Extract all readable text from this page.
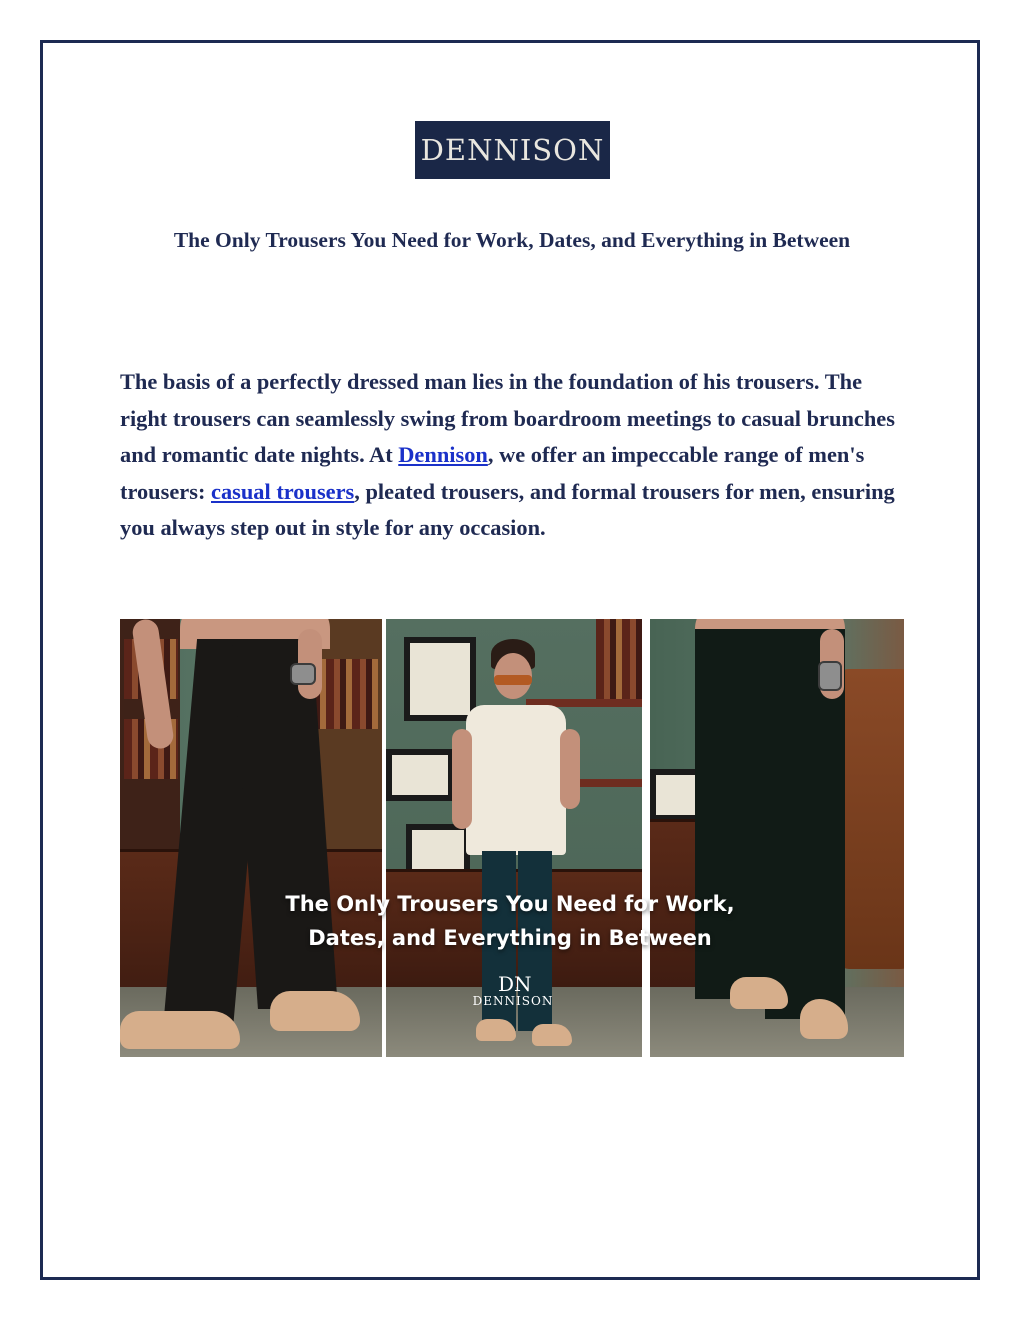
DENNISON
The Only Trousers You Need for Work, Dates, and Everything in Between

The basis of a perfectly dressed man lies in the foundation of his trousers. The right trousers can seamlessly swing from boardroom meetings to casual brunches and romantic date nights. At Dennison, we offer an impeccable range of men's trousers: casual trousers, pleated trousers, and formal trousers for men, ensuring you always step out in style for any occasion.

The Only Trousers You Need for Work,
Dates, and Everything in Between
DN
DENNISON
